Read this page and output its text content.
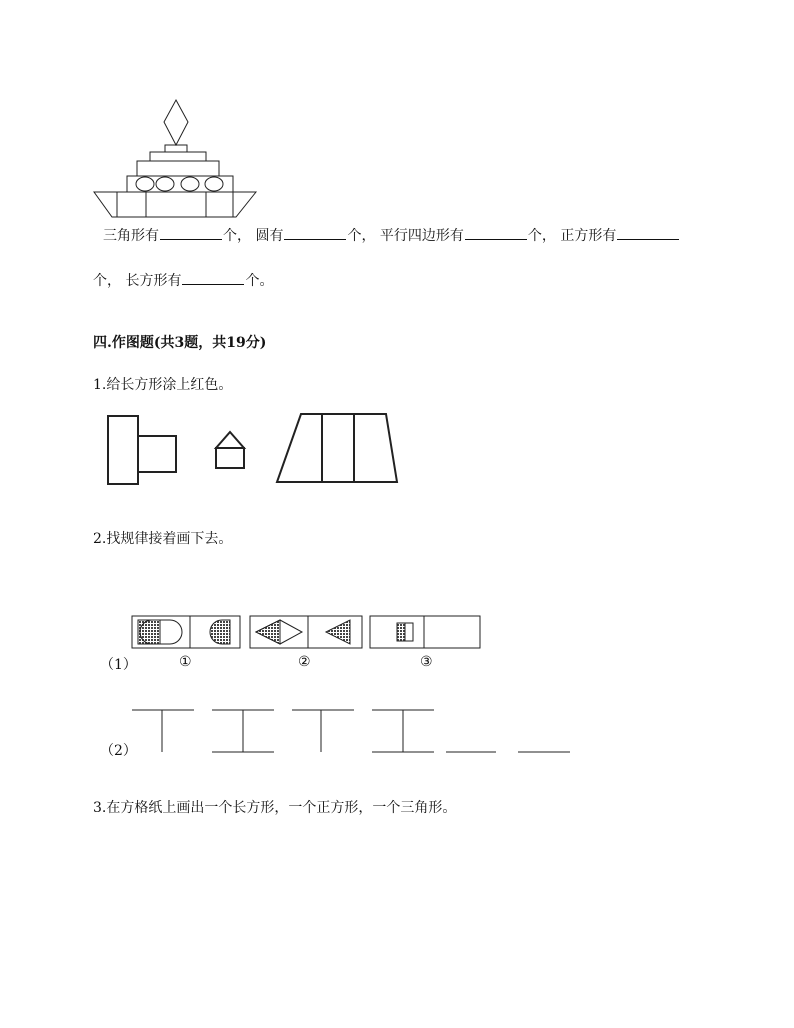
三角形有	个， 圆有	个， 平行四边形有	个， 正方形有
个， 长方形有	个。
四.作图题(共3题，共19分)
1.给长方形涂上红色。
2.找规律接着画下去。
（1）	①	②	③
（2）
3.在方格纸上画出一个长方形，一个正方形，一个三角形。
